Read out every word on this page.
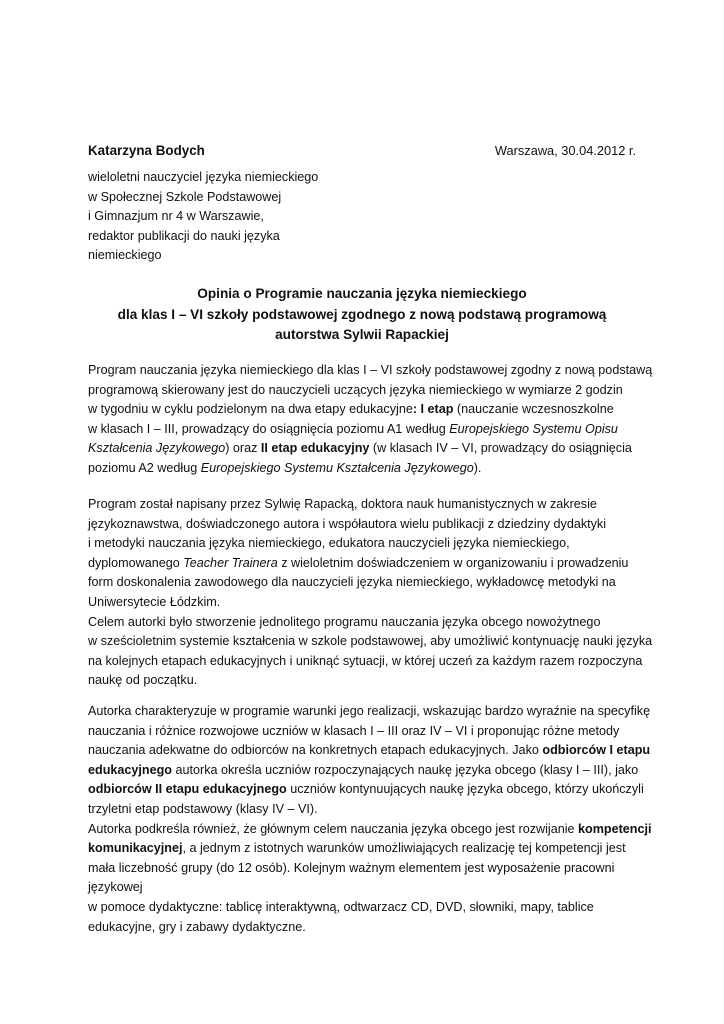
Katarzyna Bodych	Warszawa, 30.04.2012 r.
wieloletni nauczyciel języka niemieckiego
w Społecznej Szkole Podstawowej
i Gimnazjum nr 4 w Warszawie,
redaktor publikacji do nauki języka
niemieckiego
Opinia o Programie nauczania języka niemieckiego
dla klas I – VI szkoły podstawowej zgodnego z nową podstawą programową
autorstwa Sylwii Rapackiej
Program nauczania języka niemieckiego dla klas I – VI szkoły podstawowej zgodny z nową podstawą
programową skierowany jest do nauczycieli uczących języka niemieckiego w wymiarze 2 godzin
w tygodniu w cyklu podzielonym na dwa etapy edukacyjne: I etap (nauczanie wczesnoszkolne
w klasach I – III, prowadzący do osiągnięcia poziomu A1 według Europejskiego Systemu Opisu
Kształcenia Językowego) oraz II etap edukacyjny (w klasach IV – VI, prowadzący do osiągnięcia
poziomu A2 według Europejskiego Systemu Kształcenia Językowego).
Program został napisany przez Sylwię Rapacką, doktora nauk humanistycznych w zakresie
językoznawstwa, doświadczonego autora i współautora wielu publikacji z dziedziny dydaktyki
i metodyki nauczania języka niemieckiego, edukatora nauczycieli języka niemieckiego,
dyplomowanego Teacher Trainera z wieloletnim doświadczeniem w organizowaniu i prowadzeniu
form doskonalenia zawodowego dla nauczycieli języka niemieckiego, wykładowcę metodyki na
Uniwersytecie Łódzkim.
Celem autorki było stworzenie jednolitego programu nauczania języka obcego nowożytnego
w sześcioletnim systemie kształcenia w szkole podstawowej, aby umożliwić kontynuację nauki języka
na kolejnych etapach edukacyjnych i uniknąć sytuacji, w której uczeń za każdym razem rozpoczyna
naukę od początku.
Autorka charakteryzuje w programie warunki jego realizacji, wskazując bardzo wyraźnie na specyfikę
nauczania i różnice rozwojowe uczniów w klasach I – III oraz IV – VI i proponując różne metody
nauczania adekwatne do odbiorców na konkretnych etapach edukacyjnych. Jako odbiorców I etapu
edukacyjnego autorka określa uczniów rozpoczynających naukę języka obcego (klasy I – III), jako
odbiorców II etapu edukacyjnego uczniów kontynuujących naukę języka obcego, którzy ukończyli
trzyletni etap podstawowy (klasy IV – VI).
Autorka podkreśla również, że głównym celem nauczania języka obcego jest rozwijanie kompetencji
komunikacyjnej, a jednym z istotnych warunków umożliwiających realizację tej kompetencji jest
mała liczebność grupy (do 12 osób). Kolejnym ważnym elementem jest wyposażenie pracowni
językowej
w pomoce dydaktyczne: tablicę interaktywną, odtwarzacz CD, DVD, słowniki, mapy, tablice
edukacyjne, gry i zabawy dydaktyczne.
